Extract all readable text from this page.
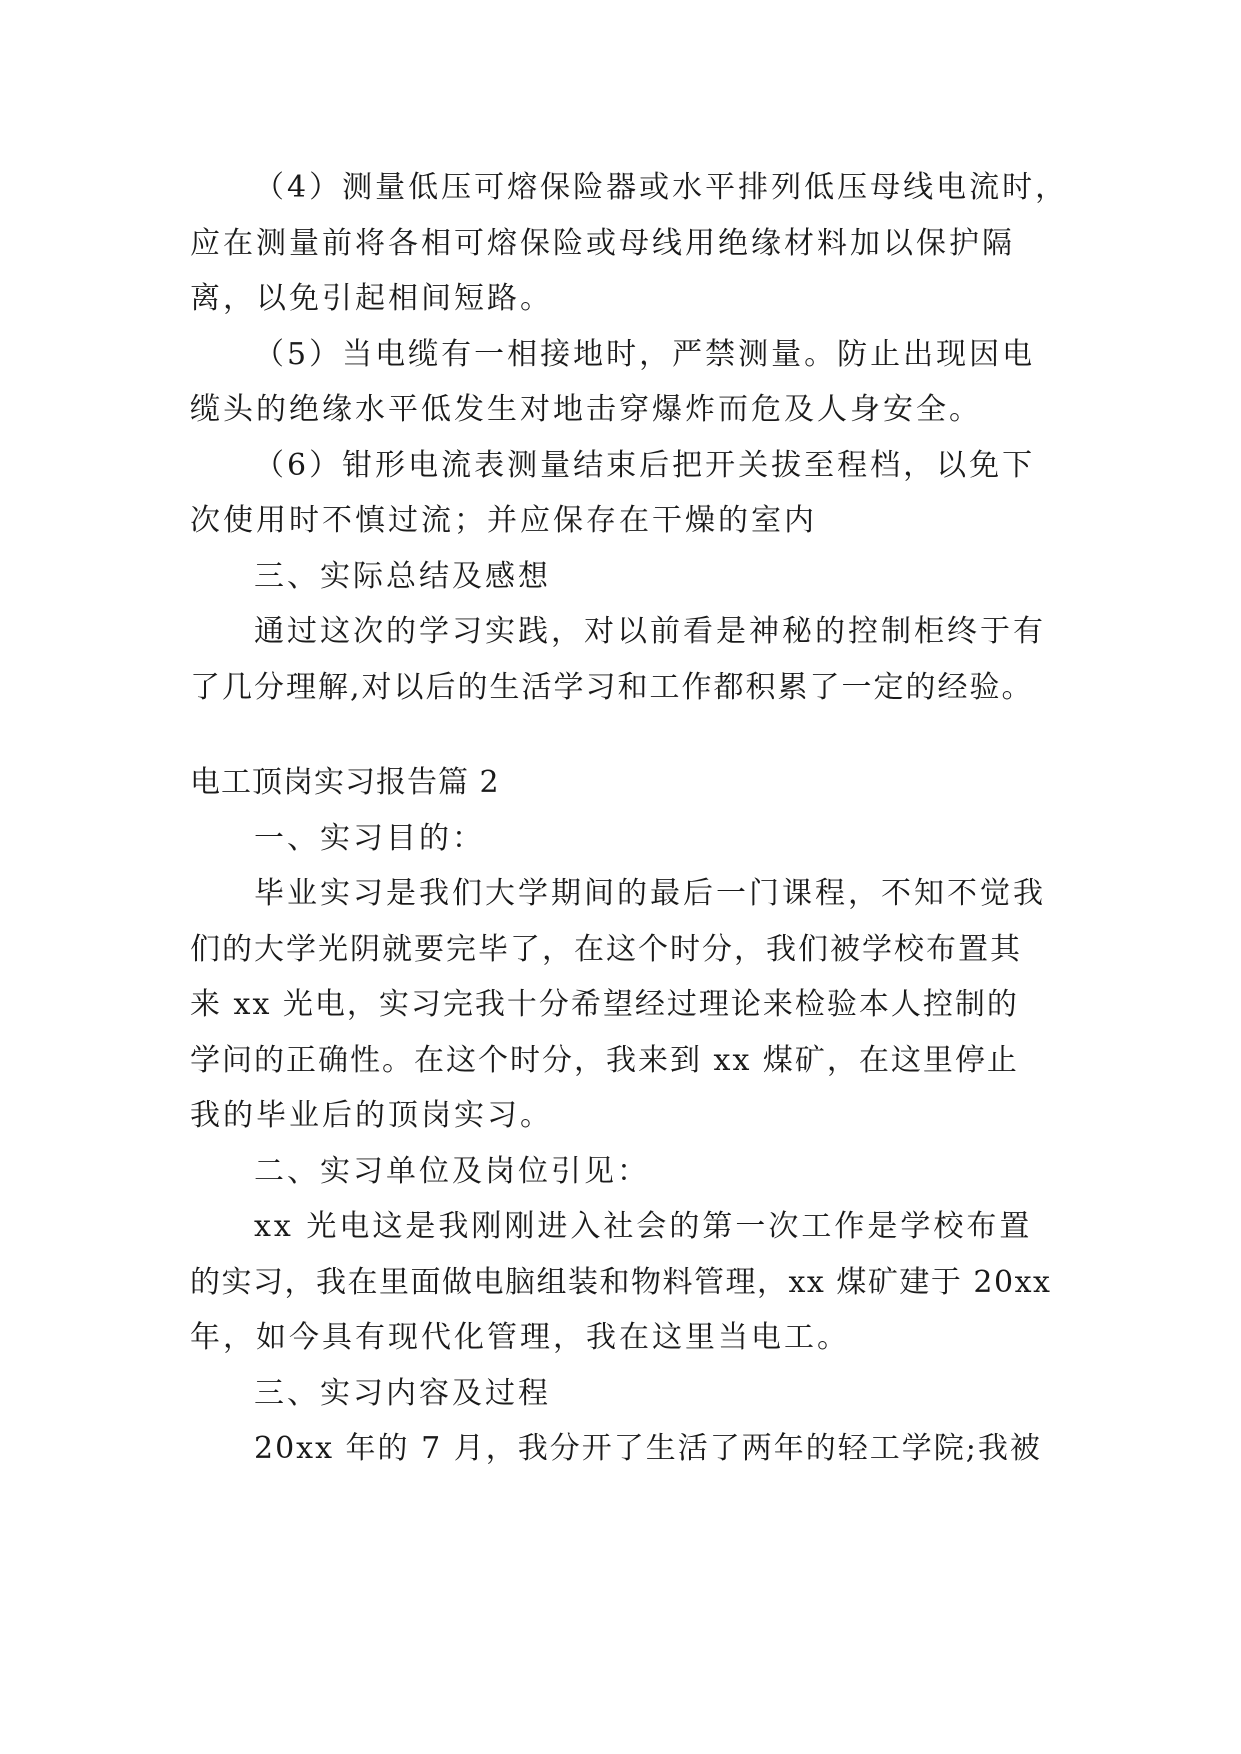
（4）测量低压可熔保险器或水平排列低压母线电流时，
应在测量前将各相可熔保险或母线用绝缘材料加以保护隔
离，以免引起相间短路。
（5）当电缆有一相接地时，严禁测量。防止出现因电
缆头的绝缘水平低发生对地击穿爆炸而危及人身安全。
（6）钳形电流表测量结束后把开关拔至程档，以免下
次使用时不慎过流；并应保存在干燥的室内
三、实际总结及感想
通过这次的学习实践，对以前看是神秘的控制柜终于有
了几分理解,对以后的生活学习和工作都积累了一定的经验。
电工顶岗实习报告篇 2
一、实习目的：
毕业实习是我们大学期间的最后一门课程，不知不觉我
们的大学光阴就要完毕了，在这个时分，我们被学校布置其
来 xx 光电，实习完我十分希望经过理论来检验本人控制的
学问的正确性。在这个时分，我来到 xx 煤矿，在这里停止
我的毕业后的顶岗实习。
二、实习单位及岗位引见：
xx 光电这是我刚刚进入社会的第一次工作是学校布置
的实习，我在里面做电脑组装和物料管理，xx 煤矿建于 20xx
年，如今具有现代化管理，我在这里当电工。
三、实习内容及过程
20xx 年的 7 月，我分开了生活了两年的轻工学院;我被
